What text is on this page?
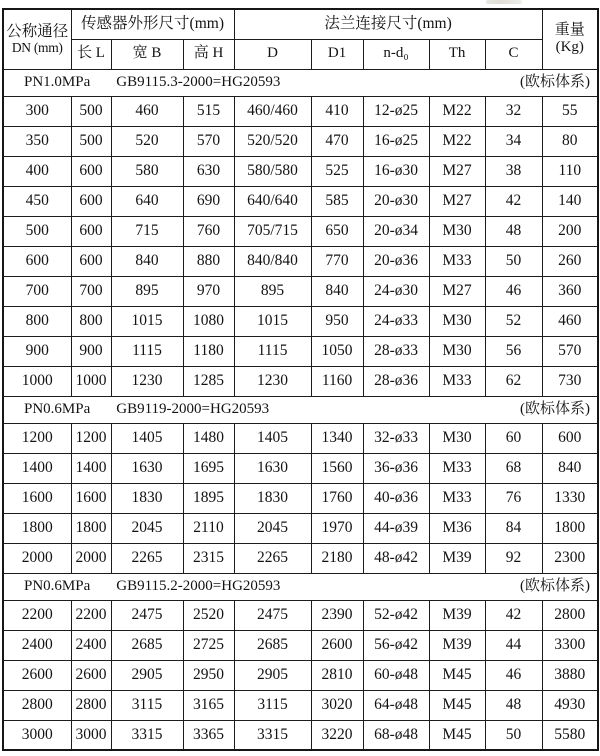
公称通径
DN (mm)
	传感器外形尺寸(mm)	法兰连接尺寸(mm)	重量
(Kg)

	长 L	宽 B	高 H	D	D1	n-d₀	Th	C	

PN1.0MPa GB9115.3-2000=HG20593 (欧标体系)									

300	500	460	515	460/460	410	12-ø25	M22	32	55
350	500	520	570	520/520	470	16-ø25	M22	34	80
400	600	580	630	580/580	525	16-ø30	M27	38	110
450	600	640	690	640/640	585	20-ø30	M27	42	140
500	600	715	760	705/715	650	20-ø34	M30	48	200
600	600	840	880	840/840	770	20-ø36	M33	50	260
700	700	895	970	895	840	24-ø30	M27	46	360
800	800	1015	1080	1015	950	24-ø33	M30	52	460
900	900	1115	1180	1115	1050	28-ø33	M30	56	570
1000	1000	1230	1285	1230	1160	28-ø36	M33	62	730

PN0.6MPa GB9119-2000=HG20593 (欧标体系)									

1200	1200	1405	1480	1405	1340	32-ø33	M30	60	600
1400	1400	1630	1695	1630	1560	36-ø36	M33	68	840
1600	1600	1830	1895	1830	1760	40-ø36	M33	76	1330
1800	1800	2045	2110	2045	1970	44-ø39	M36	84	1800
2000	2000	2265	2315	2265	2180	48-ø42	M39	92	2300

PN0.6MPa GB9115.2-2000=HG20593 (欧标体系)									

2200	2200	2475	2520	2475	2390	52-ø42	M39	42	2800
2400	2400	2685	2725	2685	2600	56-ø42	M39	44	3300
2600	2600	2905	2950	2905	2810	60-ø48	M45	46	3880
2800	2800	3115	3165	3115	3020	64-ø48	M45	48	4930
3000	3000	3315	3365	3315	3220	68-ø48	M45	50	5580
